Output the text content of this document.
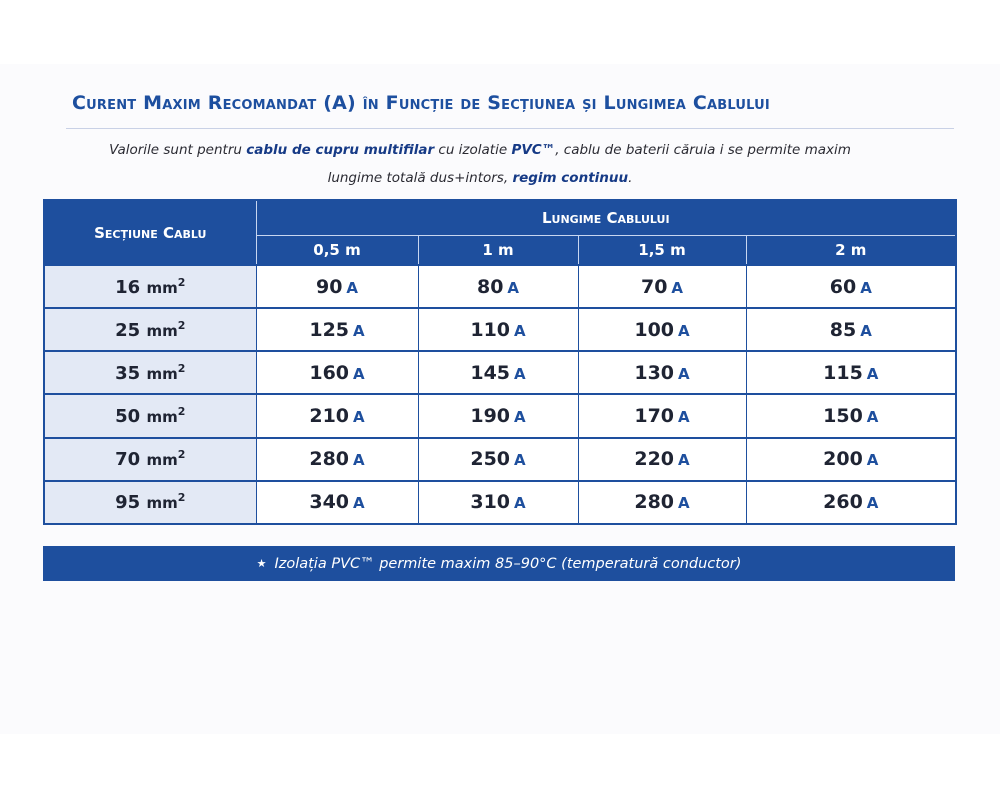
Curent Maxim Recomandat (A) în Funcție de Secțiunea și Lungimea Cablului
Valorile sunt pentru cablu de cupru multifilar cu izolatie PVC™, cablu de baterii căruia i se permite maxim
lungime totală dus+intors, regim continuu.
Secțiune Cablu	Lungime Cablului			
	0,5 m	1 m	1,5 m	2 m
16 $mm^2$	90 A	80 A	70 A	60 A
25 $mm^2$	125 A	110 A	100 A	85 A
35 $mm^2$	160 A	145 A	130 A	115 A
50 $mm^2$	210 A	190 A	170 A	150 A
70 $mm^2$	280 A	250 A	220 A	200 A
95 $mm^2$	340 A	310 A	280 A	260 A
★ Izolația PVC™ permite maxim 85–90°C (temperatură conductor)
